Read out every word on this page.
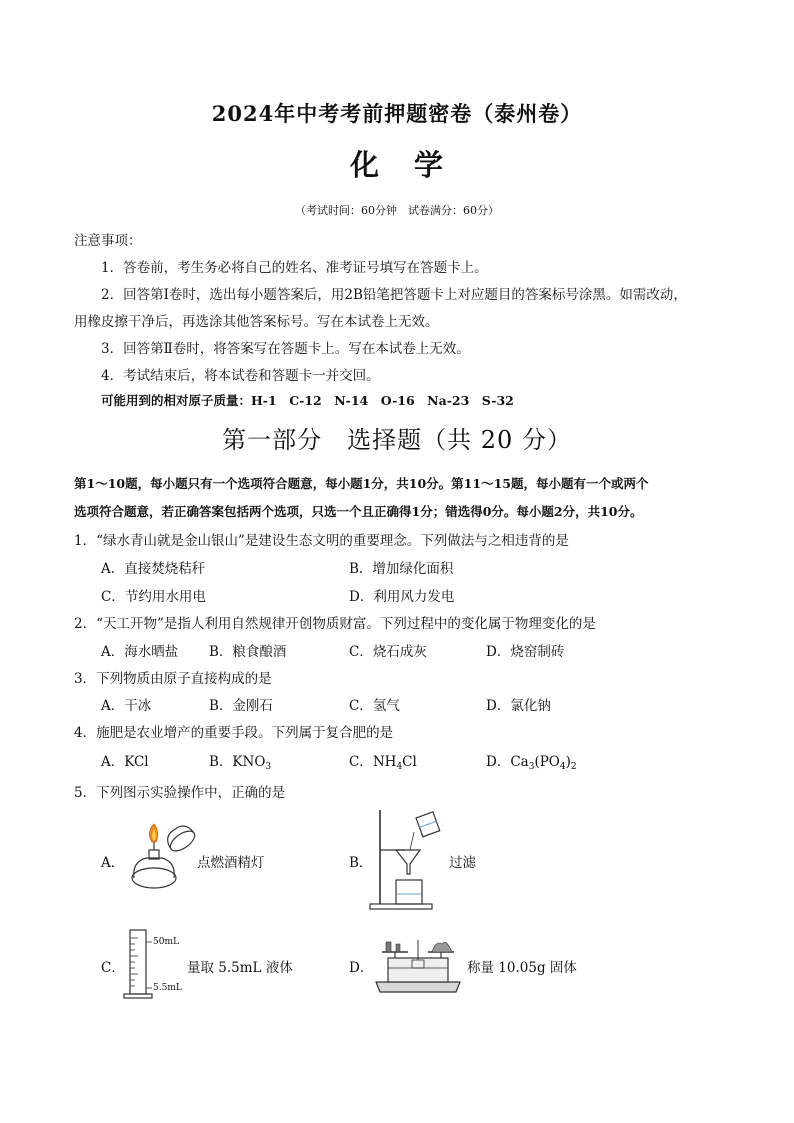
2024年中考考前押题密卷（泰州卷）
化 学
（考试时间：60分钟　试卷满分：60分）
注意事项：
1．答卷前，考生务必将自己的姓名、准考证号填写在答题卡上。
2．回答第Ⅰ卷时，选出每小题答案后，用2B铅笔把答题卡上对应题目的答案标号涂黑。如需改动，
用橡皮擦干净后，再选涂其他答案标号。写在本试卷上无效。
3．回答第Ⅱ卷时，将答案写在答题卡上。写在本试卷上无效。
4．考试结束后，将本试卷和答题卡一并交回。
可能用到的相对原子质量：H-1　C-12　N-14　O-16　Na-23　S-32
第一部分　选择题（共 20 分）
第1～10题，每小题只有一个选项符合题意，每小题1分，共10分。第11～15题，每小题有一个或两个
选项符合题意，若正确答案包括两个选项，只选一个且正确得1分；错选得0分。每小题2分，共10分。
1．“绿水青山就是金山银山”是建设生态文明的重要理念。下列做法与之相违背的是
A．直接焚烧秸秆	B．增加绿化面积
C．节约用水用电	D．利用风力发电
2．“天工开物”是指人利用自然规律开创物质财富。下列过程中的变化属于物理变化的是
A．海水晒盐 B．粮食酿酒	C．烧石成灰	D．烧窑制砖
3．下列物质由原子直接构成的是
A．干冰	B．金刚石	C．氢气	D．氯化钠
4．施肥是农业增产的重要手段。下列属于复合肥的是
A．KCl	B．$KNO_3$	C．$NH_4Cl$	D．$Ca_3(PO_4)_2$
5．下列图示实验操作中，正确的是
A．	点燃酒精灯	B．	过滤
C．
50mL
5.5mL
量取 5.5mL 液体	D．	称量 10.05g 固体
